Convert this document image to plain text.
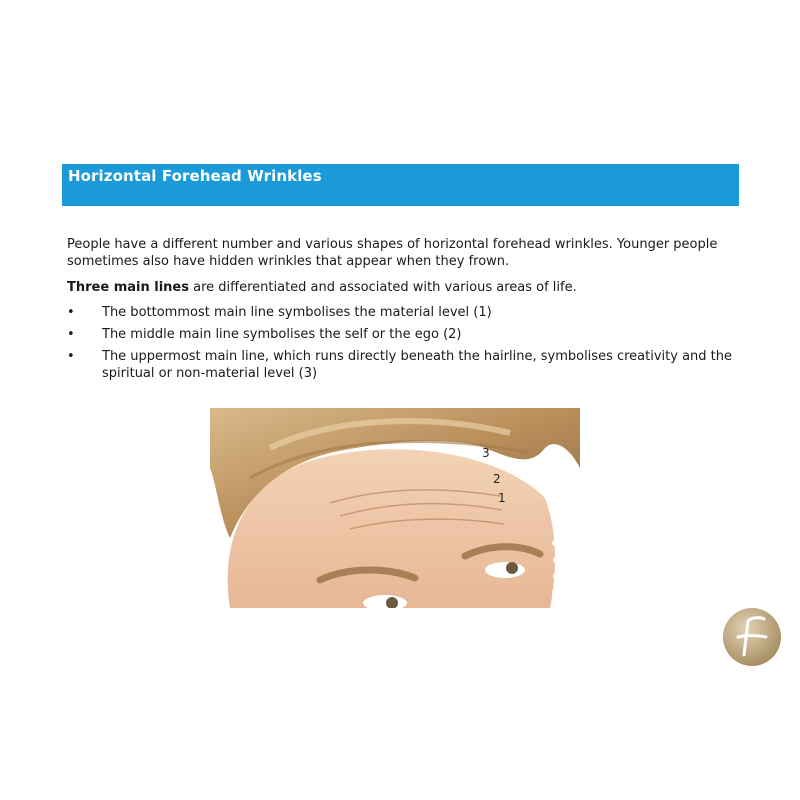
Horizontal Forehead Wrinkles

People have a different number and various shapes of horizontal forehead wrinkles. Younger people sometimes also have hidden wrinkles that appear when they frown.

Three main lines are differentiated and associated with various areas of life.

• The bottommost main line symbolises the material level (1)
• The middle main line symbolises the self or the ego (2)
• The uppermost main line, which runs directly beneath the hairline, symbolises creativity and the spiritual or non-material level (3)
3
2
1
